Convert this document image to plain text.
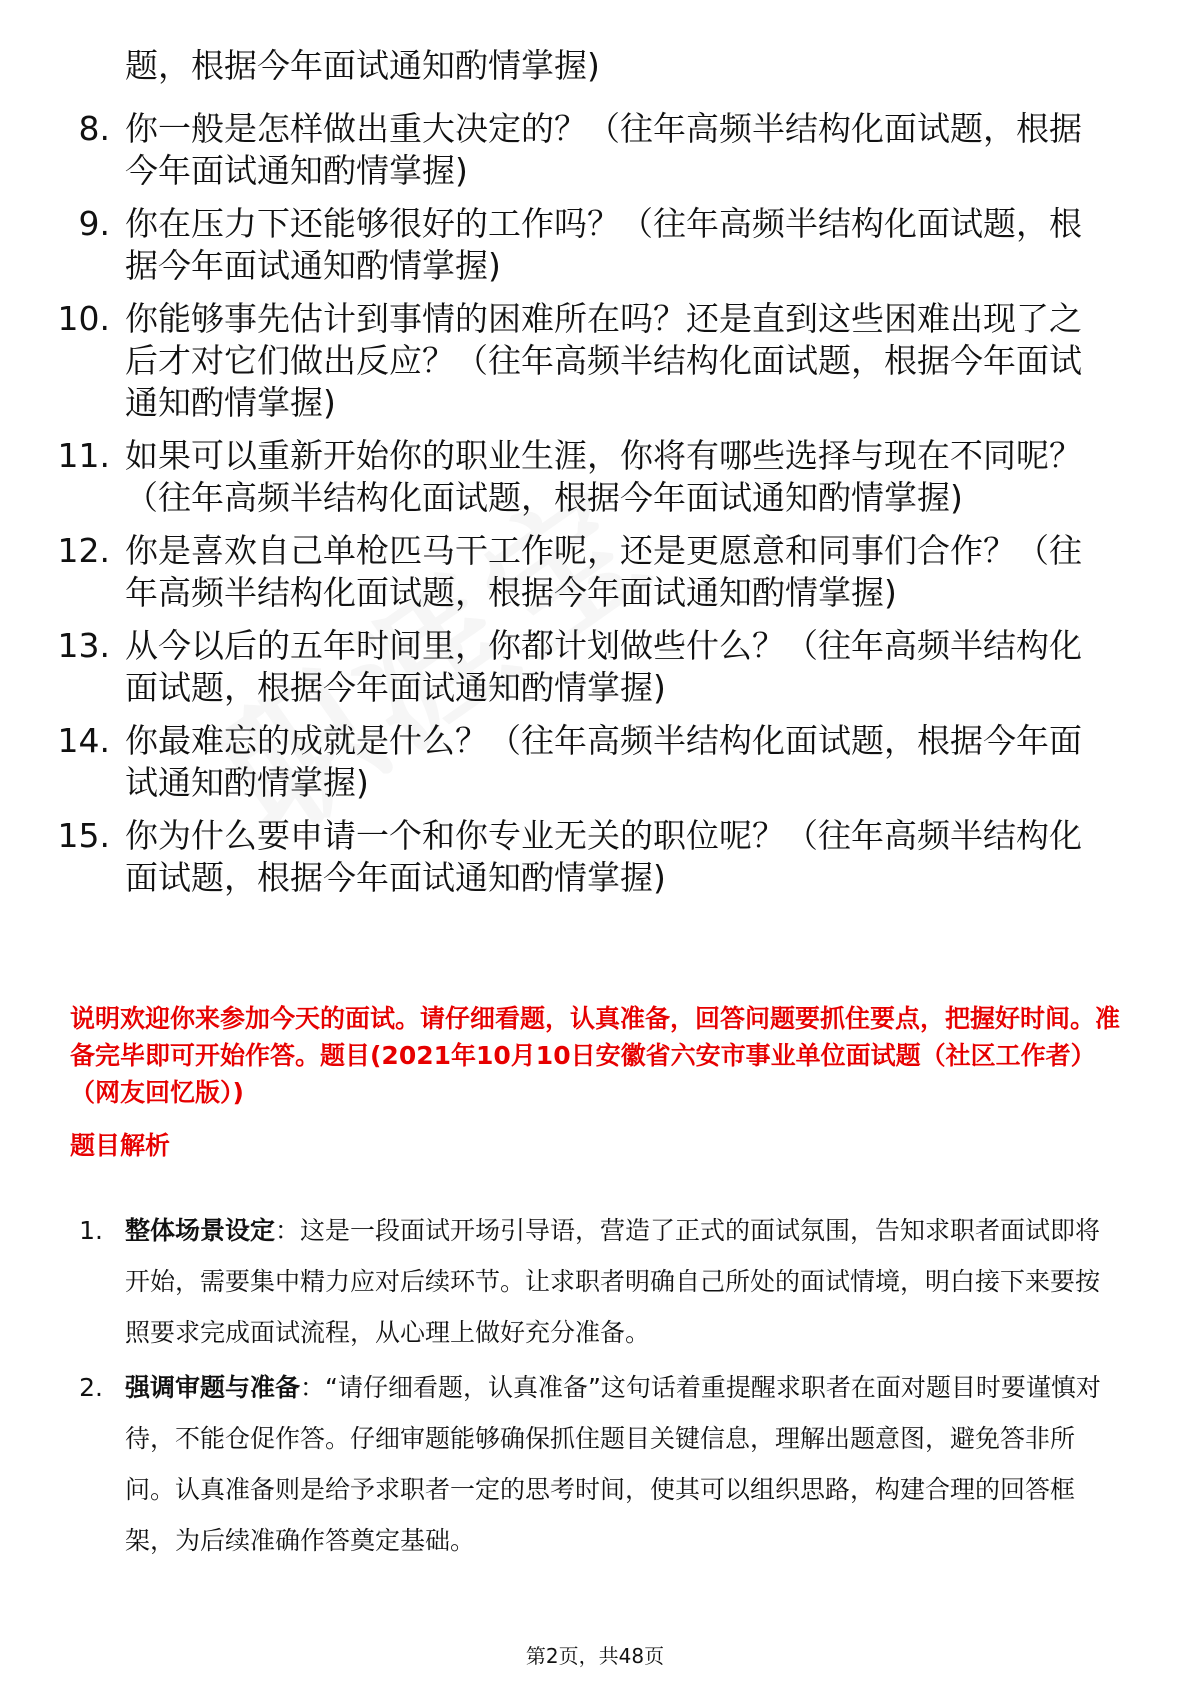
题，根据今年面试通知酌情掌握)
8. 你一般是怎样做出重大决定的？（往年高频半结构化面试题，根据今年面试通知酌情掌握)
9. 你在压力下还能够很好的工作吗？（往年高频半结构化面试题，根据今年面试通知酌情掌握)
10. 你能够事先估计到事情的困难所在吗？还是直到这些困难出现了之后才对它们做出反应？（往年高频半结构化面试题，根据今年面试通知酌情掌握)
11. 如果可以重新开始你的职业生涯，你将有哪些选择与现在不同呢？（往年高频半结构化面试题，根据今年面试通知酌情掌握)
12. 你是喜欢自己单枪匹马干工作呢，还是更愿意和同事们合作？（往年高频半结构化面试题，根据今年面试通知酌情掌握)
13. 从今以后的五年时间里，你都计划做些什么？（往年高频半结构化面试题，根据今年面试通知酌情掌握)
14. 你最难忘的成就是什么？（往年高频半结构化面试题，根据今年面试通知酌情掌握)
15. 你为什么要申请一个和你专业无关的职位呢？（往年高频半结构化面试题，根据今年面试通知酌情掌握)
说明欢迎你来参加今天的面试。请仔细看题，认真准备，回答问题要抓住要点，把握好时间。准备完毕即可开始作答。题目(2021年10月10日安徽省六安市事业单位面试题（社区工作者）（网友回忆版）)
题目解析
1. 整体场景设定：这是一段面试开场引导语，营造了正式的面试氛围，告知求职者面试即将开始，需要集中精力应对后续环节。让求职者明确自己所处的面试情境，明白接下来要按照要求完成面试流程，从心理上做好充分准备。
2. 强调审题与准备：“请仔细看题，认真准备”这句话着重提醒求职者在面对题目时要谨慎对待，不能仓促作答。仔细审题能够确保抓住题目关键信息，理解出题意图，避免答非所问。认真准备则是给予求职者一定的思考时间，使其可以组织思路，构建合理的回答框架，为后续准确作答奠定基础。
第2页，共48页
